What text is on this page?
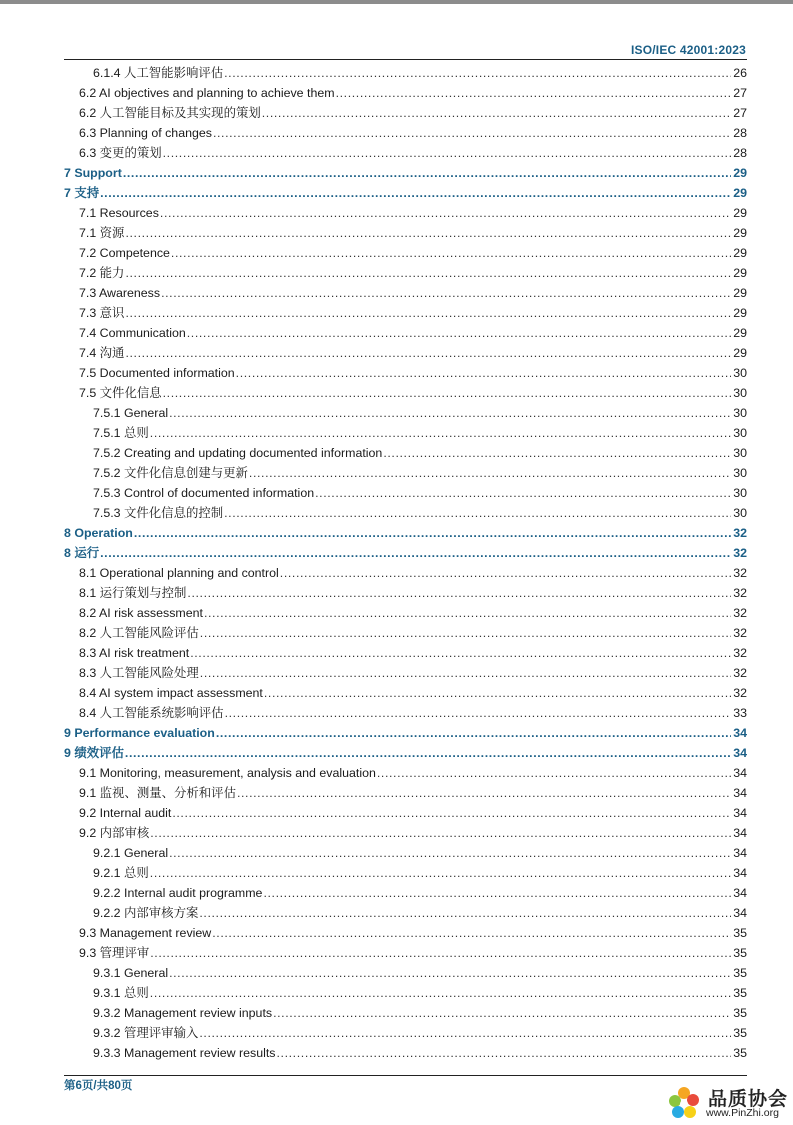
ISO/IEC 42001:2023
6.1.4 人工智能影响评估 .....	26
6.2 AI objectives and planning to achieve them .....	27
6.2 人工智能目标及其实现的策划 .....	27
6.3 Planning of changes .....	28
6.3 变更的策划 .....	28
7 Support .....	29
7 支持 .....	29
7.1 Resources .....	29
7.1 资源 .....	29
7.2 Competence .....	29
7.2 能力 .....	29
7.3 Awareness .....	29
7.3 意识 .....	29
7.4 Communication .....	29
7.4 沟通 .....	29
7.5 Documented information .....	30
7.5 文件化信息 .....	30
7.5.1 General .....	30
7.5.1 总则 .....	30
7.5.2 Creating and updating documented information .....	30
7.5.2 文件化信息创建与更新 .....	30
7.5.3 Control of documented information .....	30
7.5.3 文件化信息的控制 .....	30
8 Operation .....	32
8 运行 .....	32
8.1 Operational planning and control .....	32
8.1 运行策划与控制 .....	32
8.2 AI risk assessment .....	32
8.2 人工智能风险评估 .....	32
8.3 AI risk treatment .....	32
8.3 人工智能风险处理 .....	32
8.4 AI system impact assessment .....	32
8.4 人工智能系统影响评估 .....	33
9 Performance evaluation .....	34
9 绩效评估 .....	34
9.1 Monitoring, measurement, analysis and evaluation .....	34
9.1 监视、测量、分析和评估 .....	34
9.2 Internal audit .....	34
9.2 内部审核 .....	34
9.2.1 General .....	34
9.2.1 总则 .....	34
9.2.2 Internal audit programme .....	34
9.2.2 内部审核方案 .....	34
9.3 Management review .....	35
9.3 管理评审 .....	35
9.3.1 General .....	35
9.3.1 总则 .....	35
9.3.2 Management review inputs .....	35
9.3.2 管理评审输入 .....	35
9.3.3 Management review results .....	35
第6页/共80页
品质协会
www.PinZhi.org
